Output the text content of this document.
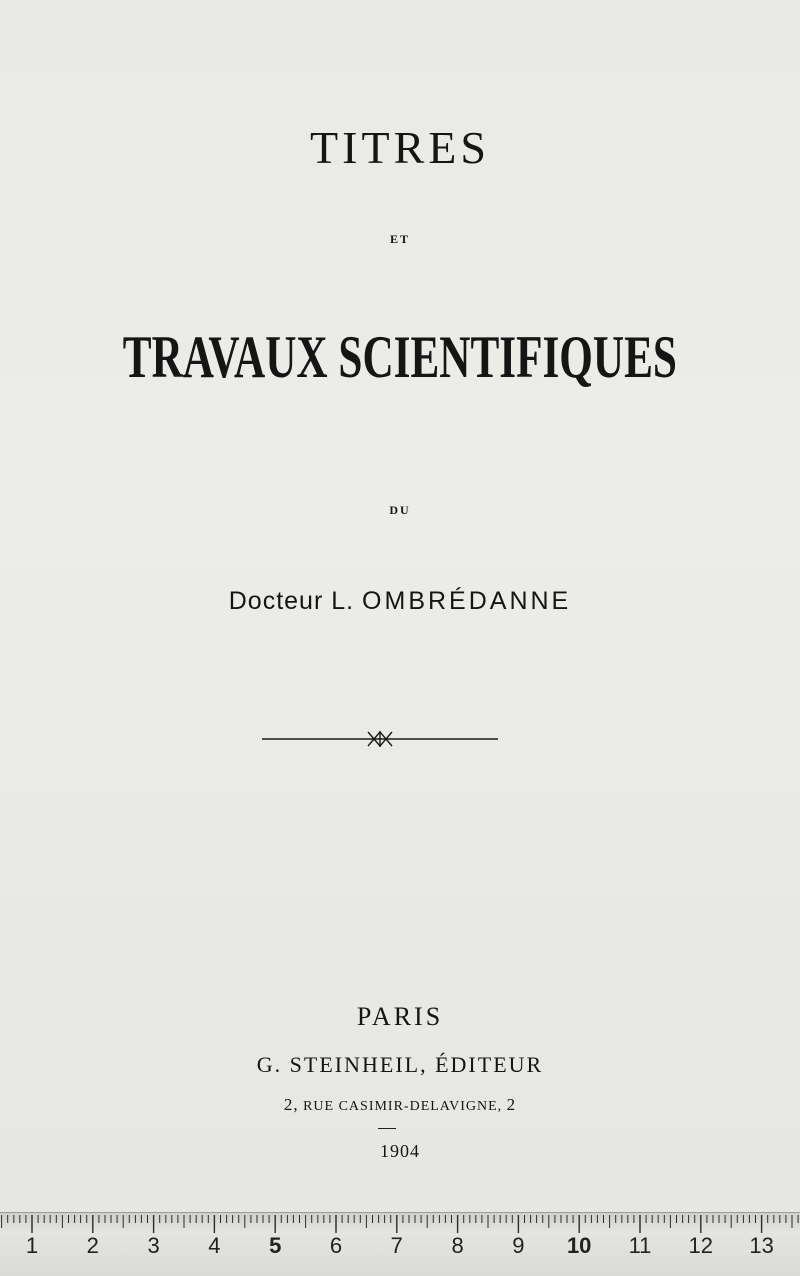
TITRES
ET
TRAVAUX SCIENTIFIQUES
DU
Docteur L. OMBRÉDANNE
PARIS
G. STEINHEIL, ÉDITEUR
2, RUE CASIMIR-DELAVIGNE, 2
1904
1	2	3	4	5	6	7	8	9	10 11 12 13
